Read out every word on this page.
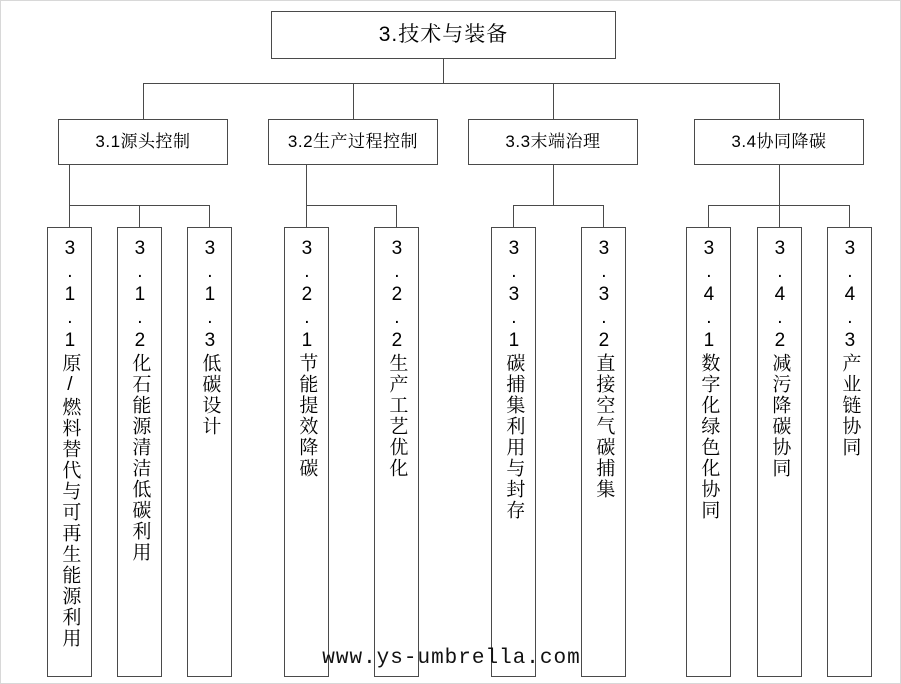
3.技术与装备
3.1源头控制	3.2生产过程控制	3.3末端治理	3.4协同降碳
3.1.1原/燃料替代与可再生能源利用	3.1.2化石能源清洁低碳利用	3.1.3低碳设计	3.2.1节能提效降碳	3.2.2生产工艺优化	3.3.1碳捕集利用与封存	3.3.2直接空气碳捕集	3.4.1数字化绿色化协同	3.4.2减污降碳协同	3.4.3产业链协同
www.ys-umbrella.com
